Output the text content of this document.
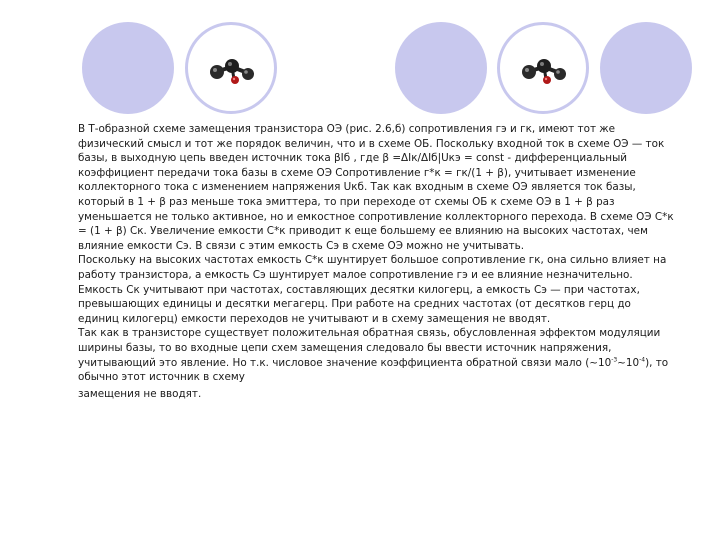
В Т-образной схеме замещения транзистора ОЭ (рис. 2.6,б) сопротивления гэ и гк, имеют тот же физический смысл и тот же порядок величин, что и в схеме ОБ. Поскольку входной ток в схеме ОЭ — ток базы, в выходную цепь введен источник тока βIб , где β =ΔIк/ΔIб|Uкэ = const - дифференциальный коэффициент передачи тока базы в схеме ОЭ Сопротивление г*к = гк/(1 + β), учитывает изменение коллекторного тока с изменением напряжения Uкб. Так как входным в схеме ОЭ является ток базы, который в 1 + β раз меньше тока эмиттера, то при переходе от схемы ОБ к схеме ОЭ в 1 + β раз уменьшается не только активное, но и емкостное сопротивление коллекторного перехода. В схеме ОЭ С*к = (1 + β) Ск. Увеличение емкости С*к приводит к еще большему ее влиянию на высоких частотах, чем влияние емкости Сэ. В связи с этим емкость Сэ в схеме ОЭ можно не учитывать.

Поскольку на высоких частотах емкость С*к шунтирует большое сопротивление гк, она сильно влияет на работу транзистора, а емкость Сэ шунтирует малое сопротивление гэ и ее влияние незначительно. Емкость Ск учитывают при частотах, составляющих десятки килогерц, а емкость Сэ — при частотах, превышающих единицы и десятки мегагерц. При работе на средних частотах (от десятков герц до единиц килогерц) емкости переходов не учитывают и в схему замещения не вводят.

Так как в транзисторе существует положительная обратная связь, обусловленная эффектом модуляции ширины базы, то во входные цепи схем замещения следовало бы ввести источник напряжения, учитывающий это явление. Но т.к. числовое значение коэффициента обратной связи мало $(\sim 10^{-3}\sim 10^{-4})$, то обычно этот источник в схему

замещения не вводят.
